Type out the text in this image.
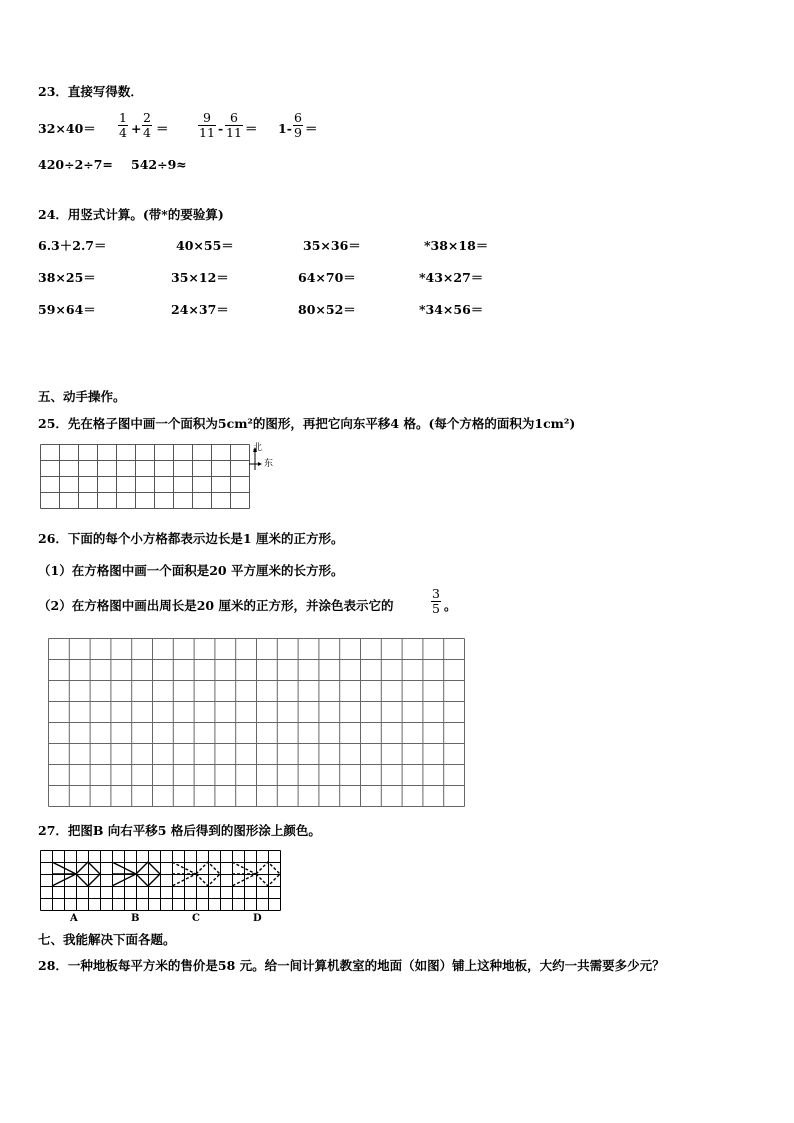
23．直接写得数．
$32\times 40= \frac{1}{4} + \frac{2}{4} = \frac{9}{11} - \frac{6}{11} = 1- \frac{6}{9}$ ＝
420÷2÷7= 542÷9≈
24．用竖式计算。(带*的要验算)
6.3＋2.7＝	40×55＝	35×36＝	*38×18＝
38×25＝	35×12＝	64×70＝	*43×27＝
59×64＝	24×37＝	80×52＝	*34×56＝
五、动手操作。
25．先在格子图中画一个面积为5cm²的图形，再把它向东平移4 格。(每个方格的面积为1cm²)
北
东
26．下面的每个小方格都表示边长是1 厘米的正方形。
（1）在方格图中画一个面积是20 平方厘米的长方形。
（2）在方格图中画出周长是20 厘米的正方形，并涂色表示它的	$\frac{3}{5}$ 。
27．把图B 向右平移5 格后得到的图形涂上颜色。
A	B	C	D
七、我能解决下面各题。
28．一种地板每平方米的售价是58 元。给一间计算机教室的地面（如图）铺上这种地板，大约一共需要多少元？
